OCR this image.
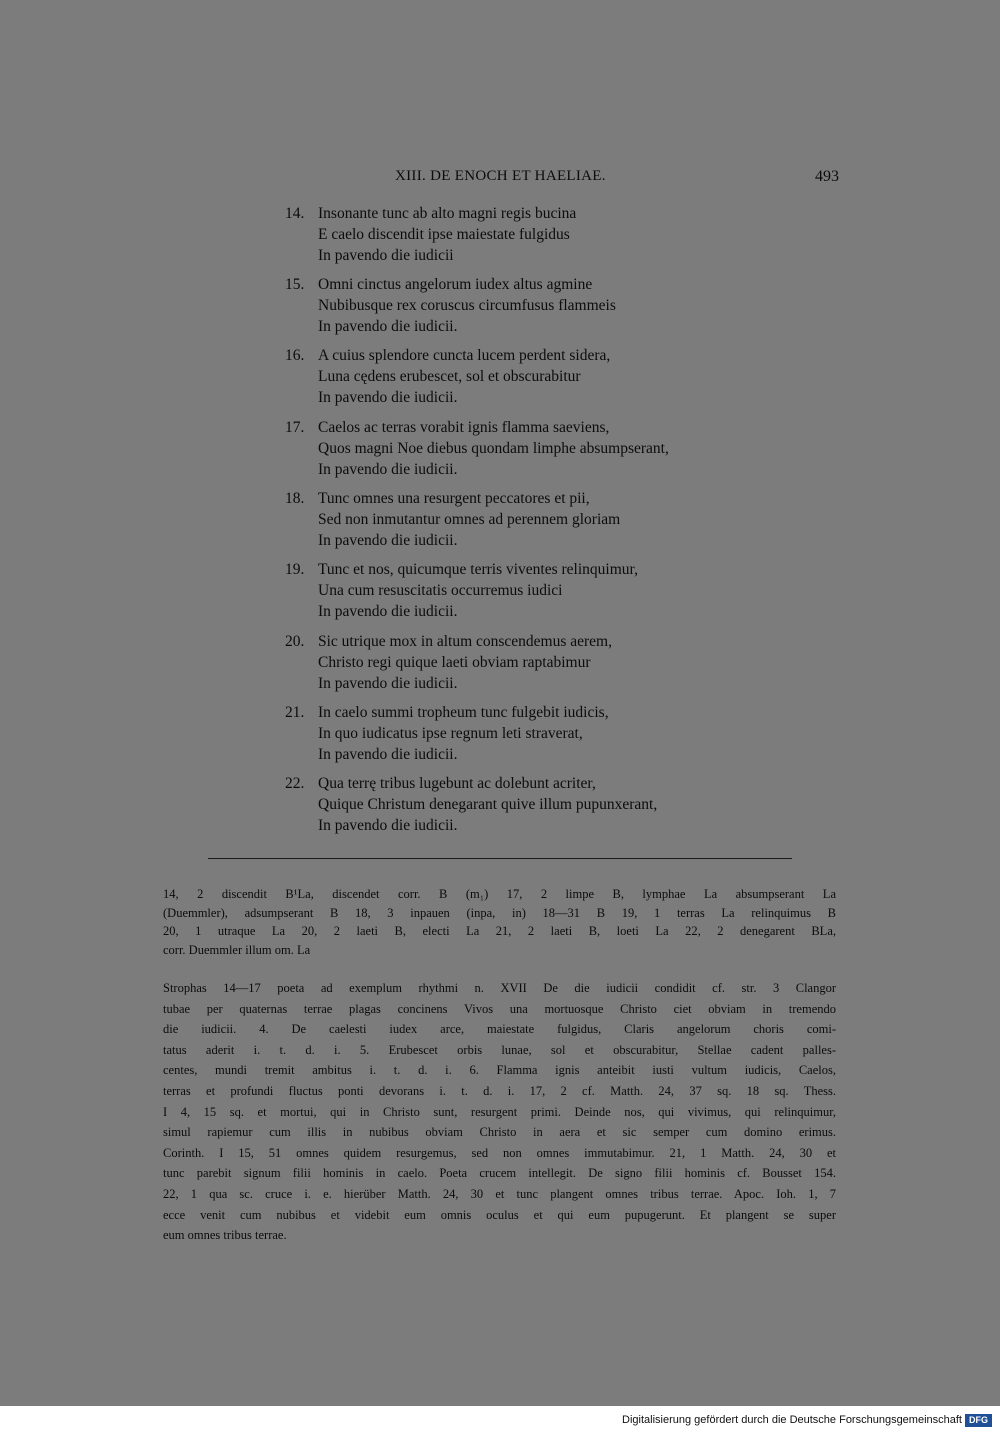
XIII. DE ENOCH ET HAELIAE.	493
14. Insonante tunc ab alto magni regis bucina
E caelo discendit ipse maiestate fulgidus
In pavendo die iudicii
15. Omni cinctus angelorum iudex altus agmine
Nubibusque rex coruscus circumfusus flammeis
In pavendo die iudicii.
16. A cuius splendore cuncta lucem perdent sidera,
Luna cędens erubescet, sol et obscurabitur
In pavendo die iudicii.
17. Caelos ac terras vorabit ignis flamma saeviens,
Quos magni Noe diebus quondam limphe absumpserant,
In pavendo die iudicii.
18. Tunc omnes una resurgent peccatores et pii,
Sed non inmutantur omnes ad perennem gloriam
In pavendo die iudicii.
19. Tunc et nos, quicumque terris viventes relinquimur,
Una cum resuscitatis occurremus iudici
In pavendo die iudicii.
20. Sic utrique mox in altum conscendemus aerem,
Christo regi quique laeti obviam raptabimur
In pavendo die iudicii.
21. In caelo summi tropheum tunc fulgebit iudicis,
In quo iudicatus ipse regnum leti straverat,
In pavendo die iudicii.
22. Qua terrę tribus lugebunt ac dolebunt acriter,
Quique Christum denegarant quive illum pupunxerant,
In pavendo die iudicii.
14, 2 discendit B¹La, discendet corr. B (m₁) 17, 2 limpe B, lymphae La absumpserant La
(Duemmler), adsumpserant B 18, 3 inpauen (inpa, in) 18—31 B 19, 1 terras La relinquimus B
20, 1 utraque La 20, 2 laeti B, electi La 21, 2 laeti B, loeti La 22, 2 denegarent BLa,
corr. Duemmler illum om. La
Strophas 14—17 poeta ad exemplum rhythmi n. XVII De die iudicii condidit cf. str. 3 Clangor
tubae per quaternas terrae plagas concinens Vivos una mortuosque Christo ciet obviam in tremendo
die iudicii. 4. De caelesti iudex arce, maiestate fulgidus, Claris angelorum choris comi-
tatus aderit i. t. d. i. 5. Erubescet orbis lunae, sol et obscurabitur, Stellae cadent palles-
centes, mundi tremit ambitus i. t. d. i. 6. Flamma ignis anteibit iusti vultum iudicis, Caelos,
terras et profundi fluctus ponti devorans i. t. d. i. 17, 2 cf. Matth. 24, 37 sq. 18 sq. Thess.
I 4, 15 sq. et mortui, qui in Christo sunt, resurgent primi. Deinde nos, qui vivimus, qui relinquimur,
simul rapiemur cum illis in nubibus obviam Christo in aera et sic semper cum domino erimus.
Corinth. I 15, 51 omnes quidem resurgemus, sed non omnes immutabimur. 21, 1 Matth. 24, 30 et
tunc parebit signum filii hominis in caelo. Poeta crucem intellegit. De signo filii hominis cf. Bousset 154.
22, 1 qua sc. cruce i. e. hierüber Matth. 24, 30 et tunc plangent omnes tribus terrae. Apoc. Ioh. 1, 7
ecce venit cum nubibus et videbit eum omnis oculus et qui eum pupugerunt. Et plangent se super
eum omnes tribus terrae.
Digitalisierung gefördert durch die Deutsche Forschungsgemeinschaft DFG
